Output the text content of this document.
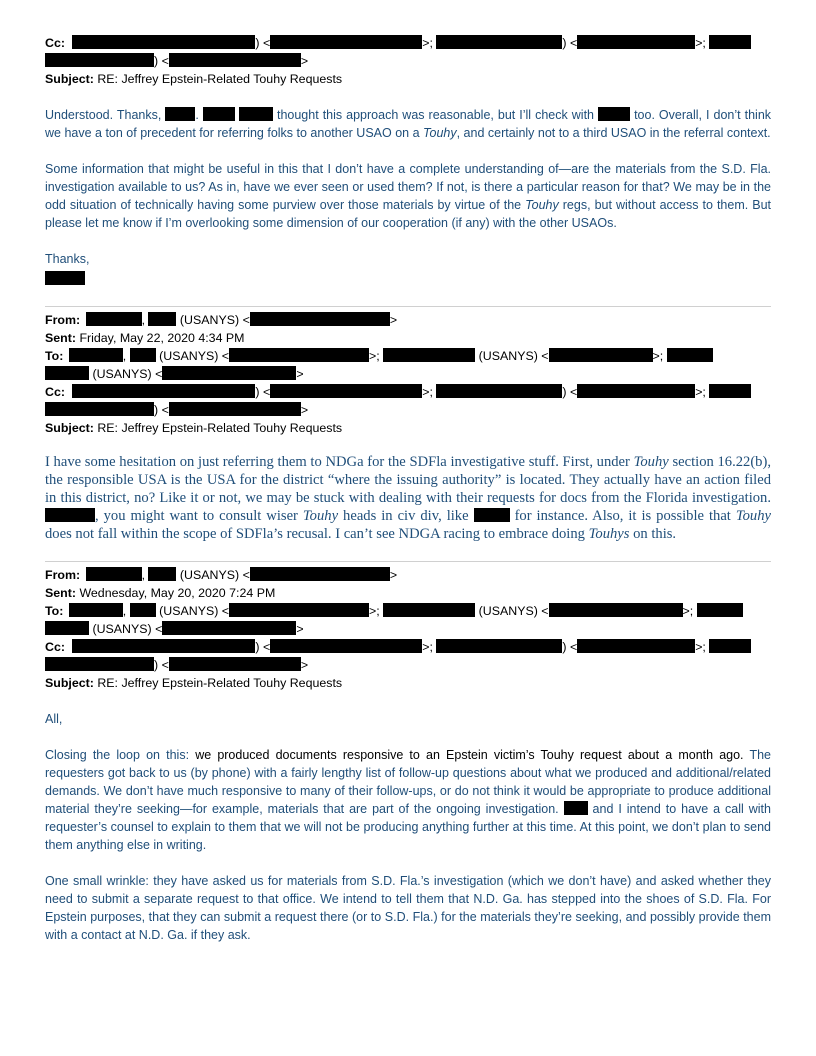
Cc:	) <	>;	) <	>;
) <	>
Subject: RE: Jeffrey Epstein-Related Touhy Requests

Understood. Thanks,	.	thought this approach was reasonable, but I’ll check with	too. Overall, I don’t think we have a ton of precedent for referring folks to another USAO on a Touhy, and certainly not to a third USAO in the referral context.

Some information that might be useful in this that I don’t have a complete understanding of—are the materials from the S.D. Fla. investigation available to us? As in, have we ever seen or used them? If not, is there a particular reason for that? We may be in the odd situation of technically having some purview over those materials by virtue of the Touhy regs, but without access to them. But please let me know if I’m overlooking some dimension of our cooperation (if any) with the other USAOs.

Thanks,

From:	,	(USANYS) <	>
Sent: Friday, May 22, 2020 4:34 PM
To:	,	(USANYS) <	>;	(USANYS) <	>;
(USANYS) <	>
Cc:	) <	>;	) <	>;
) <	>
Subject: RE: Jeffrey Epstein-Related Touhy Requests

I have some hesitation on just referring them to NDGa for the SDFla investigative stuff. First, under Touhy section 16.22(b), the responsible USA is the USA for the district “where the issuing authority” is located. They actually have an action filed in this district, no? Like it or not, we may be stuck with dealing with their requests for docs from the Florida investigation. , you might want to consult wiser Touhy heads in civ div, like	for instance. Also, it is possible that Touhy does not fall within the scope of SDFla’s recusal. I can’t see NDGA racing to embrace doing Touhys on this.

From:	,	(USANYS) <	>
Sent: Wednesday, May 20, 2020 7:24 PM
To:	,	(USANYS) <	>;	(USANYS) <	>;
(USANYS) <	>
Cc:	) <	>;	) <	>;
) <	>
Subject: RE: Jeffrey Epstein-Related Touhy Requests

All,

Closing the loop on this: we produced documents responsive to an Epstein victim’s Touhy request about a month ago. The requesters got back to us (by phone) with a fairly lengthy list of follow-up questions about what we produced and additional/related demands. We don’t have much responsive to many of their follow-ups, or do not think it would be appropriate to produce additional material they’re seeking—for example, materials that are part of the ongoing investigation.	and I intend to have a call with requester’s counsel to explain to them that we will not be producing anything further at this time. At this point, we don’t plan to send them anything else in writing.

One small wrinkle: they have asked us for materials from S.D. Fla.’s investigation (which we don’t have) and asked whether they need to submit a separate request to that office. We intend to tell them that N.D. Ga. has stepped into the shoes of S.D. Fla. For Epstein purposes, that they can submit a request there (or to S.D. Fla.) for the materials they’re seeking, and possibly provide them with a contact at N.D. Ga. if they ask.
